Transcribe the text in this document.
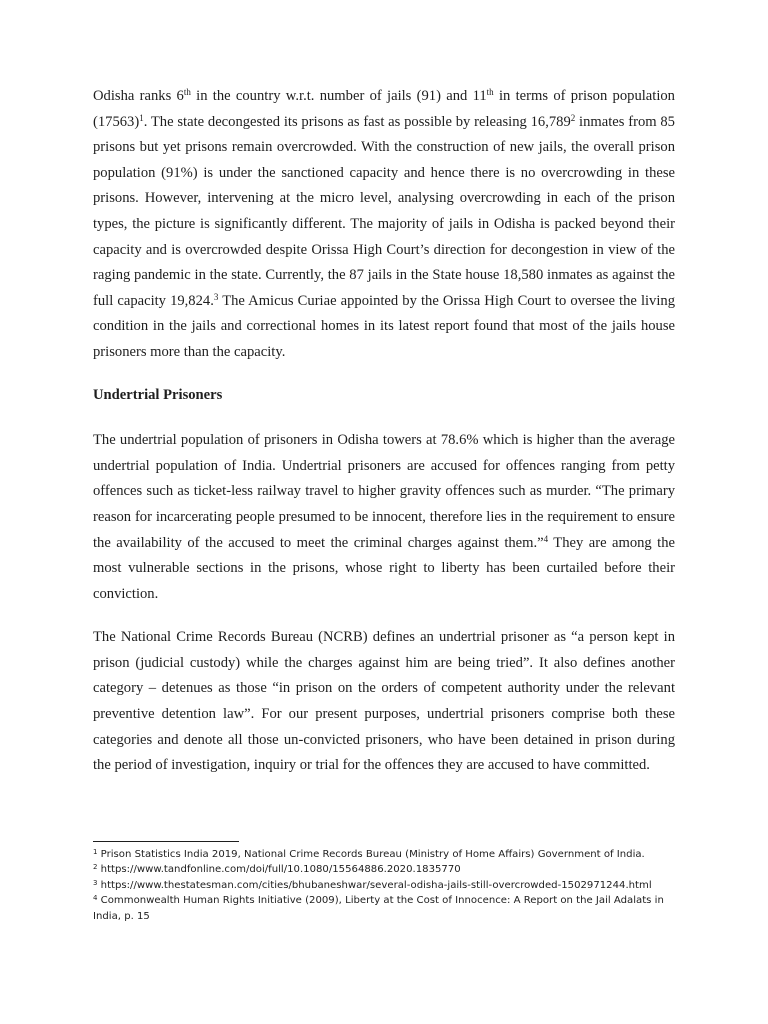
Odisha ranks 6th in the country w.r.t. number of jails (91) and 11th in terms of prison population $(17563)^1$. The state decongested its prisons as fast as possible by releasing 16,789$^2$ inmates from 85 prisons but yet prisons remain overcrowded. With the construction of new jails, the overall prison population (91%) is under the sanctioned capacity and hence there is no overcrowding in these prisons. However, intervening at the micro level, analysing overcrowding in each of the prison types, the picture is significantly different. The majority of jails in Odisha is packed beyond their capacity and is overcrowded despite Orissa High Court’s direction for decongestion in view of the raging pandemic in the state. Currently, the 87 jails in the State house 18,580 inmates as against the full capacity 19,824.$^3$ The Amicus Curiae appointed by the Orissa High Court to oversee the living condition in the jails and correctional homes in its latest report found that most of the jails house prisoners more than the capacity.

Undertrial Prisoners

The undertrial population of prisoners in Odisha towers at 78.6% which is higher than the average undertrial population of India. Undertrial prisoners are accused for offences ranging from petty offences such as ticket-less railway travel to higher gravity offences such as murder. “The primary reason for incarcerating people presumed to be innocent, therefore lies in the requirement to ensure the availability of the accused to meet the criminal charges against them.”$^4$ They are among the most vulnerable sections in the prisons, whose right to liberty has been curtailed before their conviction.

The National Crime Records Bureau (NCRB) defines an undertrial prisoner as “a person kept in prison (judicial custody) while the charges against him are being tried”. It also defines another category – detenues as those “in prison on the orders of competent authority under the relevant preventive detention law”. For our present purposes, undertrial prisoners comprise both these categories and denote all those un-convicted prisoners, who have been detained in prison during the period of investigation, inquiry or trial for the offences they are accused to have committed.

$^1$ Prison Statistics India 2019, National Crime Records Bureau (Ministry of Home Affairs) Government of India.

$^2$ https://www.tandfonline.com/doi/full/10.1080/15564886.2020.1835770

$^3$ https://www.thestatesman.com/cities/bhubaneshwar/several-odisha-jails-still-overcrowded-1502971244.html

$^4$ Commonwealth Human Rights Initiative (2009), Liberty at the Cost of Innocence: A Report on the Jail Adalats in India, p. 15
